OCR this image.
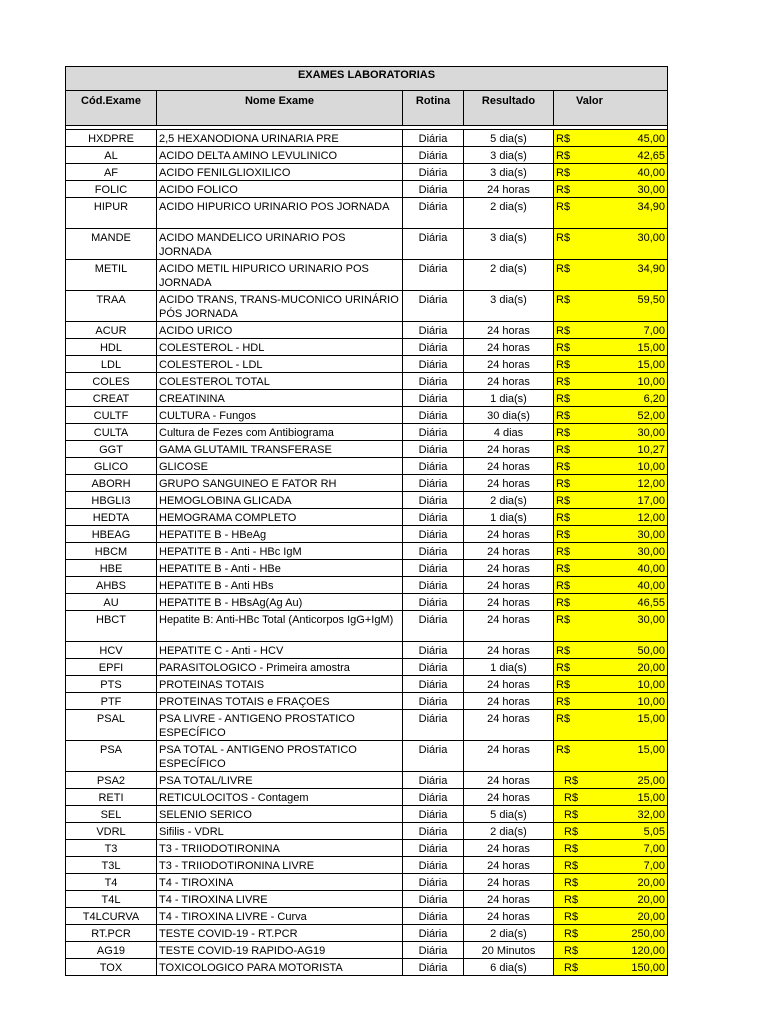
EXAMES LABORATORIAS				
Cód.Exame	Nome Exame	Rotina	Resultado	Valor

HXDPRE	2,5 HEXANODIONA URINARIA PRE	Diária	5 dia(s)	R$ 45,00

AL	ACIDO DELTA AMINO LEVULINICO	Diária	3 dia(s)	R$ 42,65

AF	ACIDO FENILGLIOXILICO	Diária	3 dia(s)	R$ 40,00

FOLIC	ACIDO FOLICO	Diária	24 horas	R$ 30,00

HIPUR	ACIDO HIPURICO URINARIO POS JORNADA	Diária	2 dia(s)	R$ 34,90

MANDE	ACIDO MANDELICO URINARIO POS JORNADA	Diária	3 dia(s)	R$ 30,00

METIL	ACIDO METIL HIPURICO URINARIO POS JORNADA	Diária	2 dia(s)	R$ 34,90

TRAA	ACIDO TRANS, TRANS-MUCONICO URINÁRIO PÓS JORNADA	Diária	3 dia(s)	R$ 59,50

ACUR	ACIDO URICO	Diária	24 horas	R$ 7,00

HDL	COLESTEROL - HDL	Diária	24 horas	R$ 15,00

LDL	COLESTEROL - LDL	Diária	24 horas	R$ 15,00

COLES	COLESTEROL TOTAL	Diária	24 horas	R$ 10,00

CREAT	CREATININA	Diária	1 dia(s)	R$ 6,20

CULTF	CULTURA - Fungos	Diária	30 dia(s)	R$ 52,00

CULTA	Cultura de Fezes com Antibiograma	Diária	4 dias	R$ 30,00

GGT	GAMA GLUTAMIL TRANSFERASE	Diária	24 horas	R$ 10,27

GLICO	GLICOSE	Diária	24 horas	R$ 10,00

ABORH	GRUPO SANGUINEO E FATOR RH	Diária	24 horas	R$ 12,00

HBGLI3	HEMOGLOBINA GLICADA	Diária	2 dia(s)	R$ 17,00

HEDTA	HEMOGRAMA COMPLETO	Diária	1 dia(s)	R$ 12,00

HBEAG	HEPATITE B - HBeAg	Diária	24 horas	R$ 30,00

HBCM	HEPATITE B - Anti - HBc IgM	Diária	24 horas	R$ 30,00

HBE	HEPATITE B - Anti - HBe	Diária	24 horas	R$ 40,00

AHBS	HEPATITE B - Anti HBs	Diária	24 horas	R$ 40,00

AU	HEPATITE B - HBsAg(Ag Au)	Diária	24 horas	R$ 46,55

HBCT	Hepatite B: Anti-HBc Total (Anticorpos IgG+IgM)	Diária	24 horas	R$ 30,00

HCV	HEPATITE C - Anti - HCV	Diária	24 horas	R$ 50,00

EPFI	PARASITOLOGICO - Primeira amostra	Diária	1 dia(s)	R$ 20,00

PTS	PROTEINAS TOTAIS	Diária	24 horas	R$ 10,00

PTF	PROTEINAS TOTAIS e FRAÇOES	Diária	24 horas	R$ 10,00

PSAL	PSA LIVRE - ANTIGENO PROSTATICO ESPECÍFICO	Diária	24 horas	R$ 15,00

PSA	PSA TOTAL - ANTIGENO PROSTATICO ESPECÍFICO	Diária	24 horas	R$ 15,00

PSA2	PSA TOTAL/LIVRE	Diária	24 horas	R$ 25,00

RETI	RETICULOCITOS - Contagem	Diária	24 horas	R$ 15,00

SEL	SELENIO SERICO	Diária	5 dia(s)	R$ 32,00

VDRL	Sifilis - VDRL	Diária	2 dia(s)	R$ 5,05

T3	T3 - TRIIODOTIRONINA	Diária	24 horas	R$ 7,00

T3L	T3 - TRIIODOTIRONINA LIVRE	Diária	24 horas	R$ 7,00

T4	T4 - TIROXINA	Diária	24 horas	R$ 20,00

T4L	T4 - TIROXINA LIVRE	Diária	24 horas	R$ 20,00

T4LCURVA	T4 - TIROXINA LIVRE - Curva	Diária	24 horas	R$ 20,00

RT.PCR	TESTE COVID-19 - RT.PCR	Diária	2 dia(s)	R$ 250,00

AG19	TESTE COVID-19 RAPIDO-AG19	Diária	20 Minutos	R$ 120,00

TOX	TOXICOLOGICO PARA MOTORISTA	Diária	6 dia(s)	R$ 150,00
